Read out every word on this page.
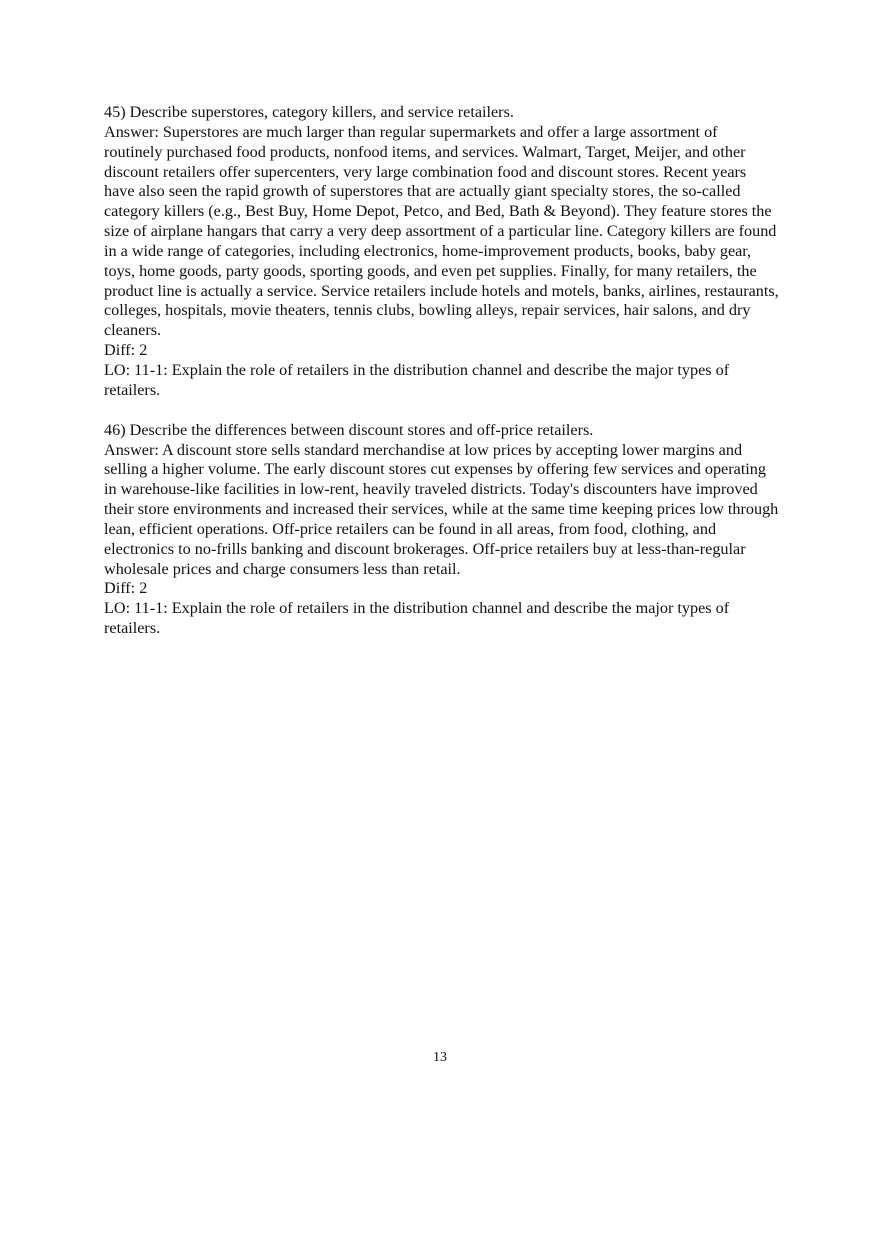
45) Describe superstores, category killers, and service retailers.
Answer: Superstores are much larger than regular supermarkets and offer a large assortment of routinely purchased food products, nonfood items, and services. Walmart, Target, Meijer, and other discount retailers offer supercenters, very large combination food and discount stores. Recent years have also seen the rapid growth of superstores that are actually giant specialty stores, the so-called category killers (e.g., Best Buy, Home Depot, Petco, and Bed, Bath & Beyond). They feature stores the size of airplane hangars that carry a very deep assortment of a particular line. Category killers are found in a wide range of categories, including electronics, home-improvement products, books, baby gear, toys, home goods, party goods, sporting goods, and even pet supplies. Finally, for many retailers, the product line is actually a service. Service retailers include hotels and motels, banks, airlines, restaurants, colleges, hospitals, movie theaters, tennis clubs, bowling alleys, repair services, hair salons, and dry cleaners.
Diff: 2
LO: 11-1: Explain the role of retailers in the distribution channel and describe the major types of retailers.
46) Describe the differences between discount stores and off-price retailers.
Answer: A discount store sells standard merchandise at low prices by accepting lower margins and selling a higher volume. The early discount stores cut expenses by offering few services and operating in warehouse-like facilities in low-rent, heavily traveled districts. Today's discounters have improved their store environments and increased their services, while at the same time keeping prices low through lean, efficient operations. Off-price retailers can be found in all areas, from food, clothing, and electronics to no-frills banking and discount brokerages. Off-price retailers buy at less-than-regular wholesale prices and charge consumers less than retail.
Diff: 2
LO: 11-1: Explain the role of retailers in the distribution channel and describe the major types of retailers.
13
